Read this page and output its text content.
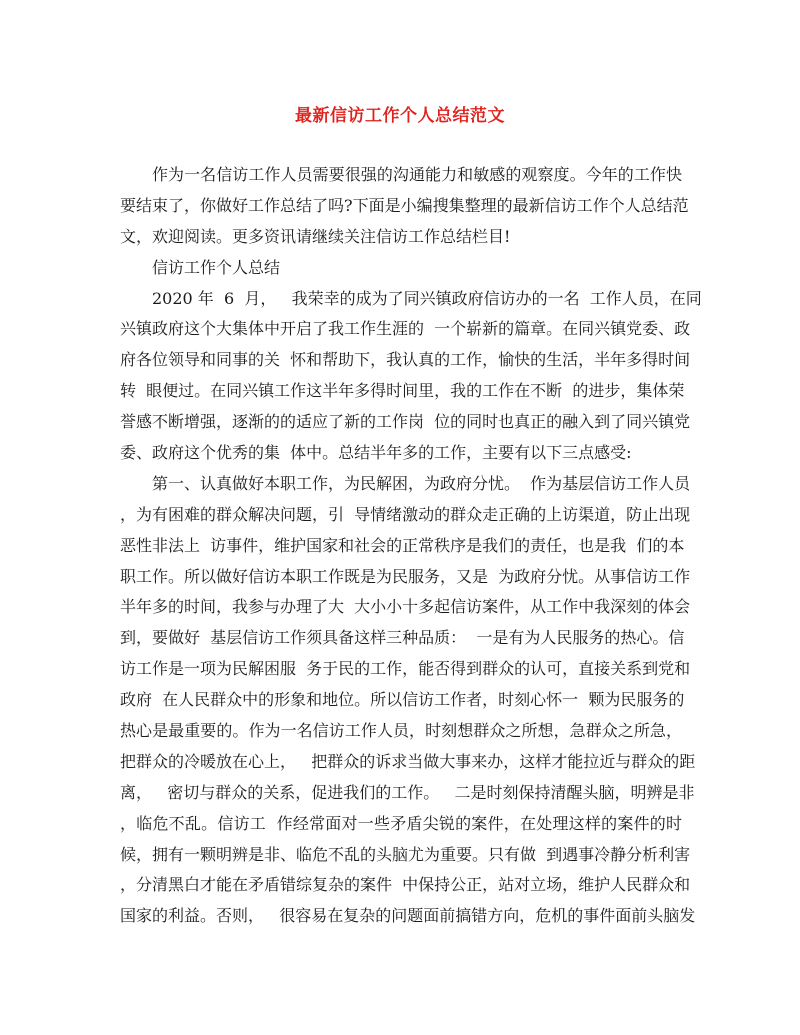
最新信访工作个人总结范文
作为一名信访工作人员需要很强的沟通能力和敏感的观察度。今年的工作快
要结束了，你做好工作总结了吗?下面是小编搜集整理的最新信访工作个人总结范
文，欢迎阅读。更多资讯请继续关注信访工作总结栏目!
信访工作个人总结
2020 年  6  月，   我荣幸的成为了同兴镇政府信访办的一名  工作人员，在同
兴镇政府这个大集体中开启了我工作生涯的  一个崭新的篇章。在同兴镇党委、政
府各位领导和同事的关  怀和帮助下，我认真的工作，愉快的生活，半年多得时间
转  眼便过。在同兴镇工作这半年多得时间里，我的工作在不断  的进步，集体荣
誉感不断增强，逐渐的的适应了新的工作岗  位的同时也真正的融入到了同兴镇党
委、政府这个优秀的集  体中。总结半年多的工作，主要有以下三点感受:
第一、认真做好本职工作，为民解困，为政府分忧。  作为基层信访工作人员
，为有困难的群众解决问题，引  导情绪激动的群众走正确的上访渠道，防止出现
恶性非法上  访事件，维护国家和社会的正常秩序是我们的责任，也是我  们的本
职工作。所以做好信访本职工作既是为民服务，又是  为政府分忧。从事信访工作
半年多的时间，我参与办理了大  大小小十多起信访案件，从工作中我深刻的体会
到，要做好  基层信访工作须具备这样三种品质：  一是有为人民服务的热心。信
访工作是一项为民解困服  务于民的工作，能否得到群众的认可，直接关系到党和
政府  在人民群众中的形象和地位。所以信访工作者，时刻心怀一  颗为民服务的
热心是最重要的。作为一名信访工作人员，时刻想群众之所想，急群众之所急，
把群众的冷暖放在心上，   把群众的诉求当做大事来办，这样才能拉近与群众的距
离，   密切与群众的关系，促进我们的工作。   二是时刻保持清醒头脑，明辨是非
，临危不乱。信访工  作经常面对一些矛盾尖锐的案件，在处理这样的案件的时
候，拥有一颗明辨是非、临危不乱的头脑尤为重要。只有做  到遇事冷静分析利害
，分清黑白才能在矛盾错综复杂的案件  中保持公正，站对立场，维护人民群众和
国家的利益。否则，   很容易在复杂的问题面前搞错方向，危机的事件面前头脑发
